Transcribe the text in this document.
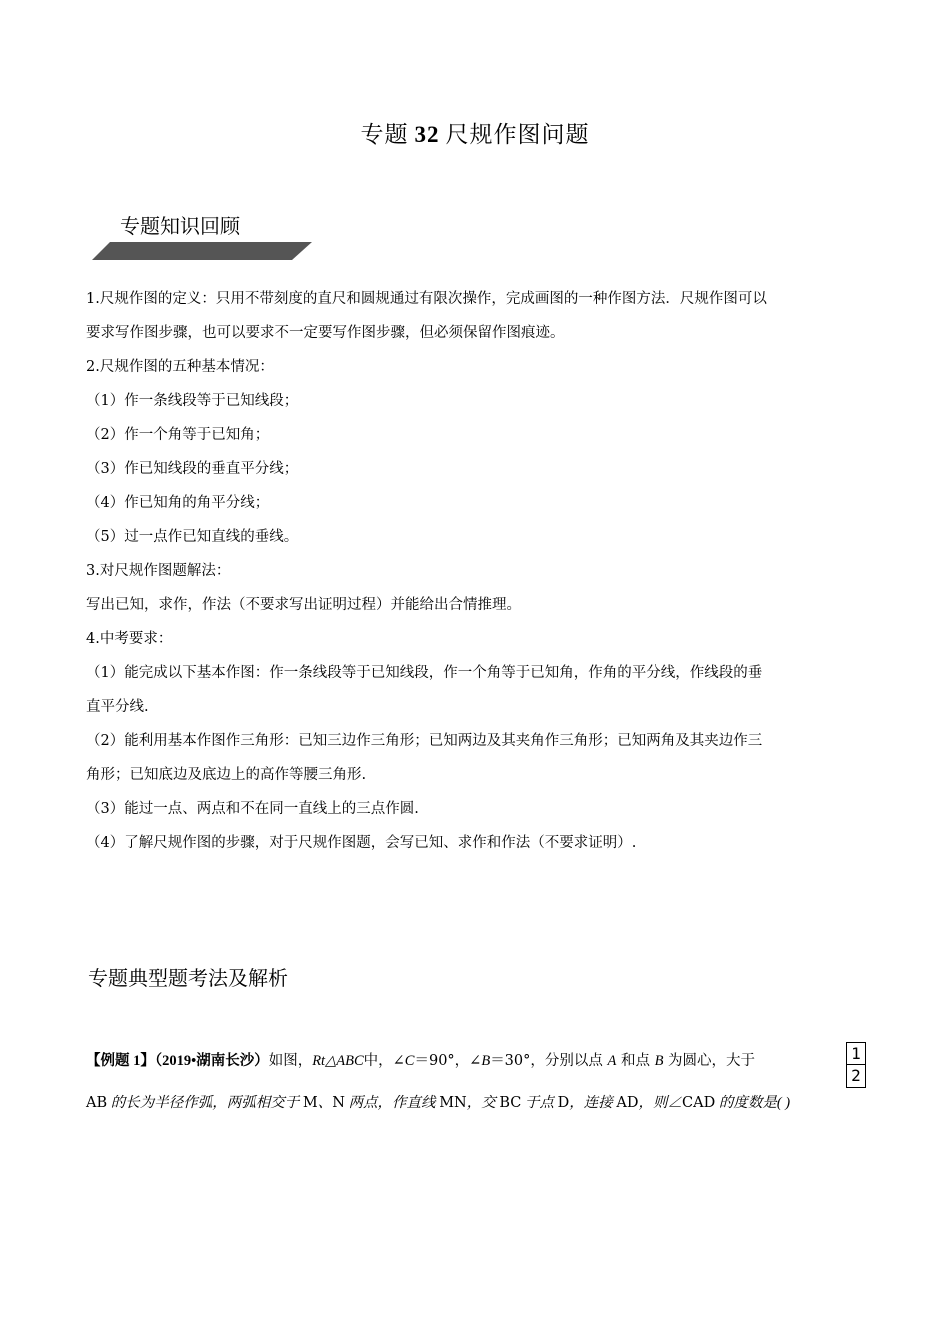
专题 32 尺规作图问题
专题知识回顾
1.尺规作图的定义：只用不带刻度的直尺和圆规通过有限次操作，完成画图的一种作图方法．尺规作图可以
要求写作图步骤，也可以要求不一定要写作图步骤，但必须保留作图痕迹。
2.尺规作图的五种基本情况：
（1）作一条线段等于已知线段；
（2）作一个角等于已知角；
（3）作已知线段的垂直平分线；
（4）作已知角的角平分线；
（5）过一点作已知直线的垂线。
3.对尺规作图题解法：
写出已知，求作，作法（不要求写出证明过程）并能给出合情推理。
4.中考要求：
（1）能完成以下基本作图：作一条线段等于已知线段，作一个角等于已知角，作角的平分线，作线段的垂
直平分线.
（2）能利用基本作图作三角形：已知三边作三角形；已知两边及其夹角作三角形；已知两角及其夹边作三
角形；已知底边及底边上的高作等腰三角形.
（3）能过一点、两点和不在同一直线上的三点作圆.
（4）了解尺规作图的步骤，对于尺规作图题，会写已知、求作和作法（不要求证明）.
专题典型题考法及解析
【例题 1】（2019•湖南长沙）如图，Rt△ABC中，∠C＝90°，∠B＝30°，分别以点 A 和点 B 为圆心，大于	$\frac{1}{2}$
AB 的长为半径作弧，两弧相交于 M、N 两点，作直线 MN，交 BC 于点 D，连接 AD，则∠CAD 的度数是( )
